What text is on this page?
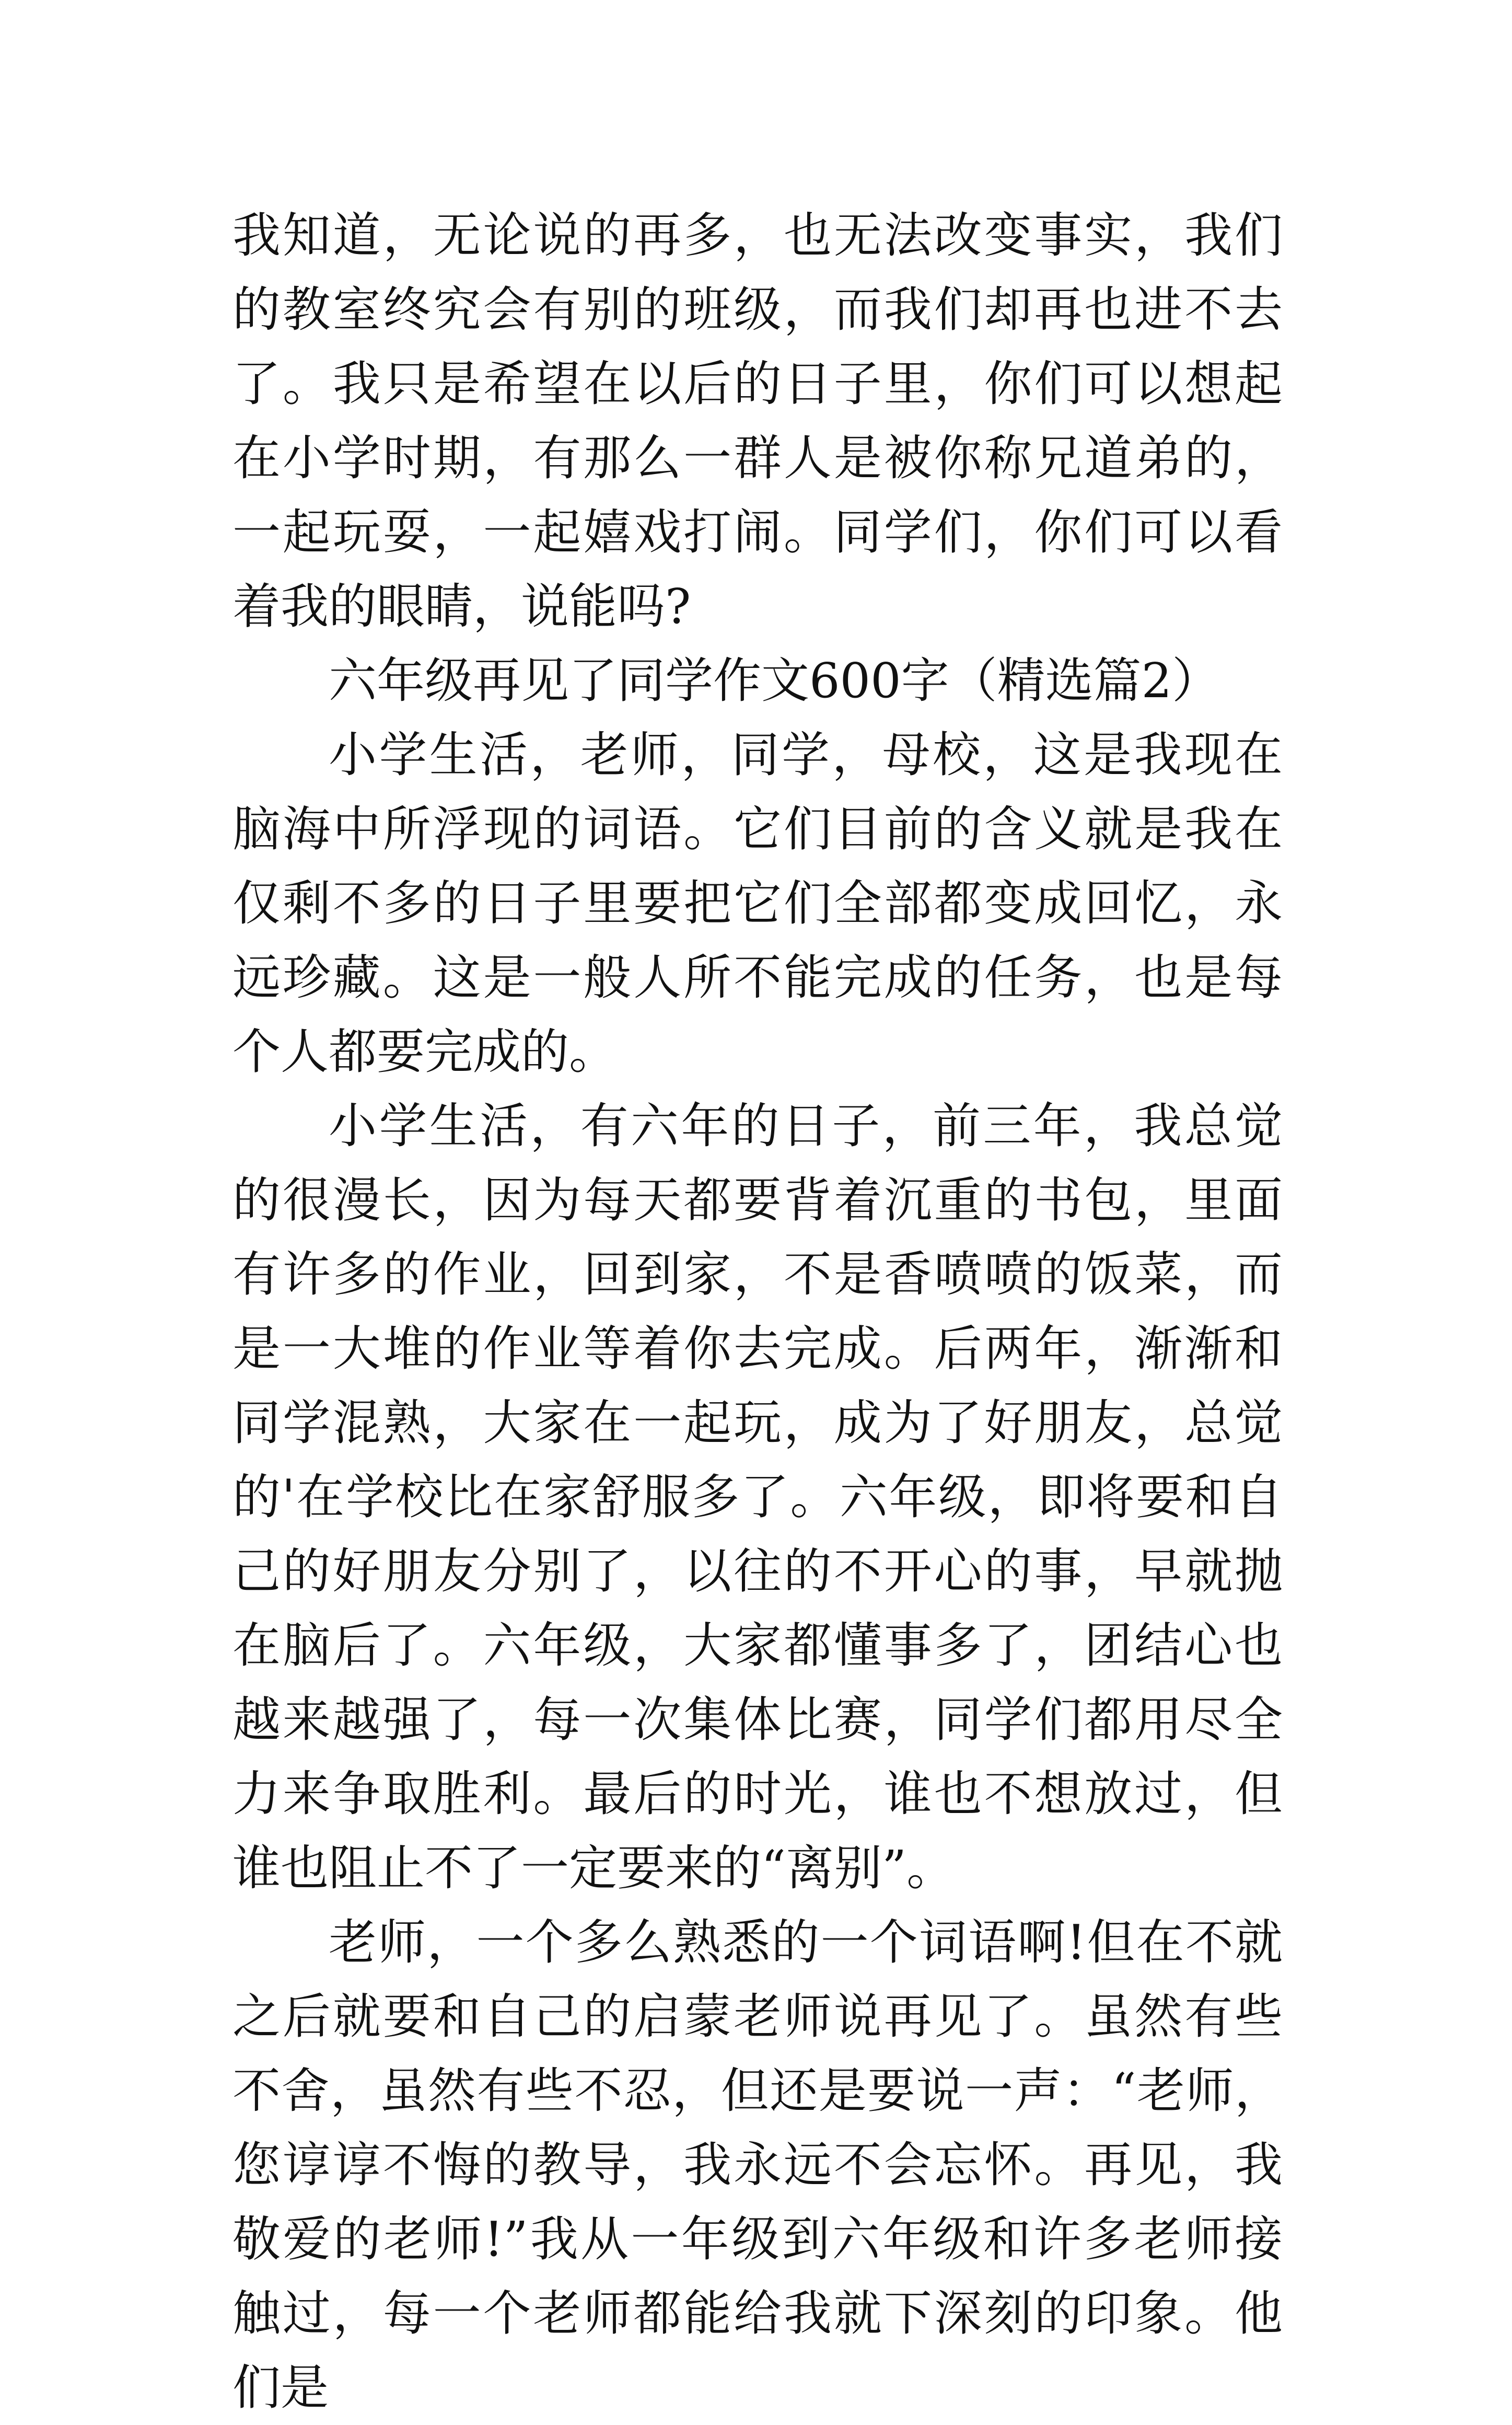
我知道，无论说的再多，也无法改变事实，我们的教室终究会有别的班级，而我们却再也进不去了。我只是希望在以后的日子里，你们可以想起在小学时期，有那么一群人是被你称兄道弟的，一起玩耍，一起嬉戏打闹。同学们，你们可以看着我的眼睛，说能吗?

六年级再见了同学作文600字（精选篇2）

小学生活，老师，同学，母校，这是我现在脑海中所浮现的词语。它们目前的含义就是我在仅剩不多的日子里要把它们全部都变成回忆，永远珍藏。这是一般人所不能完成的任务，也是每个人都要完成的。

小学生活，有六年的日子，前三年，我总觉的很漫长，因为每天都要背着沉重的书包，里面有许多的作业，回到家，不是香喷喷的饭菜，而是一大堆的作业等着你去完成。后两年，渐渐和同学混熟，大家在一起玩，成为了好朋友，总觉的'在学校比在家舒服多了。六年级，即将要和自己的好朋友分别了，以往的不开心的事，早就抛在脑后了。六年级，大家都懂事多了，团结心也越来越强了，每一次集体比赛，同学们都用尽全力来争取胜利。最后的时光，谁也不想放过，但谁也阻止不了一定要来的“离别”。

老师，一个多么熟悉的一个词语啊!但在不就之后就要和自己的启蒙老师说再见了。虽然有些不舍，虽然有些不忍，但还是要说一声：“老师，您谆谆不悔的教导，我永远不会忘怀。再见，我敬爱的老师!”我从一年级到六年级和许多老师接触过，每一个老师都能给我就下深刻的印象。他们是
